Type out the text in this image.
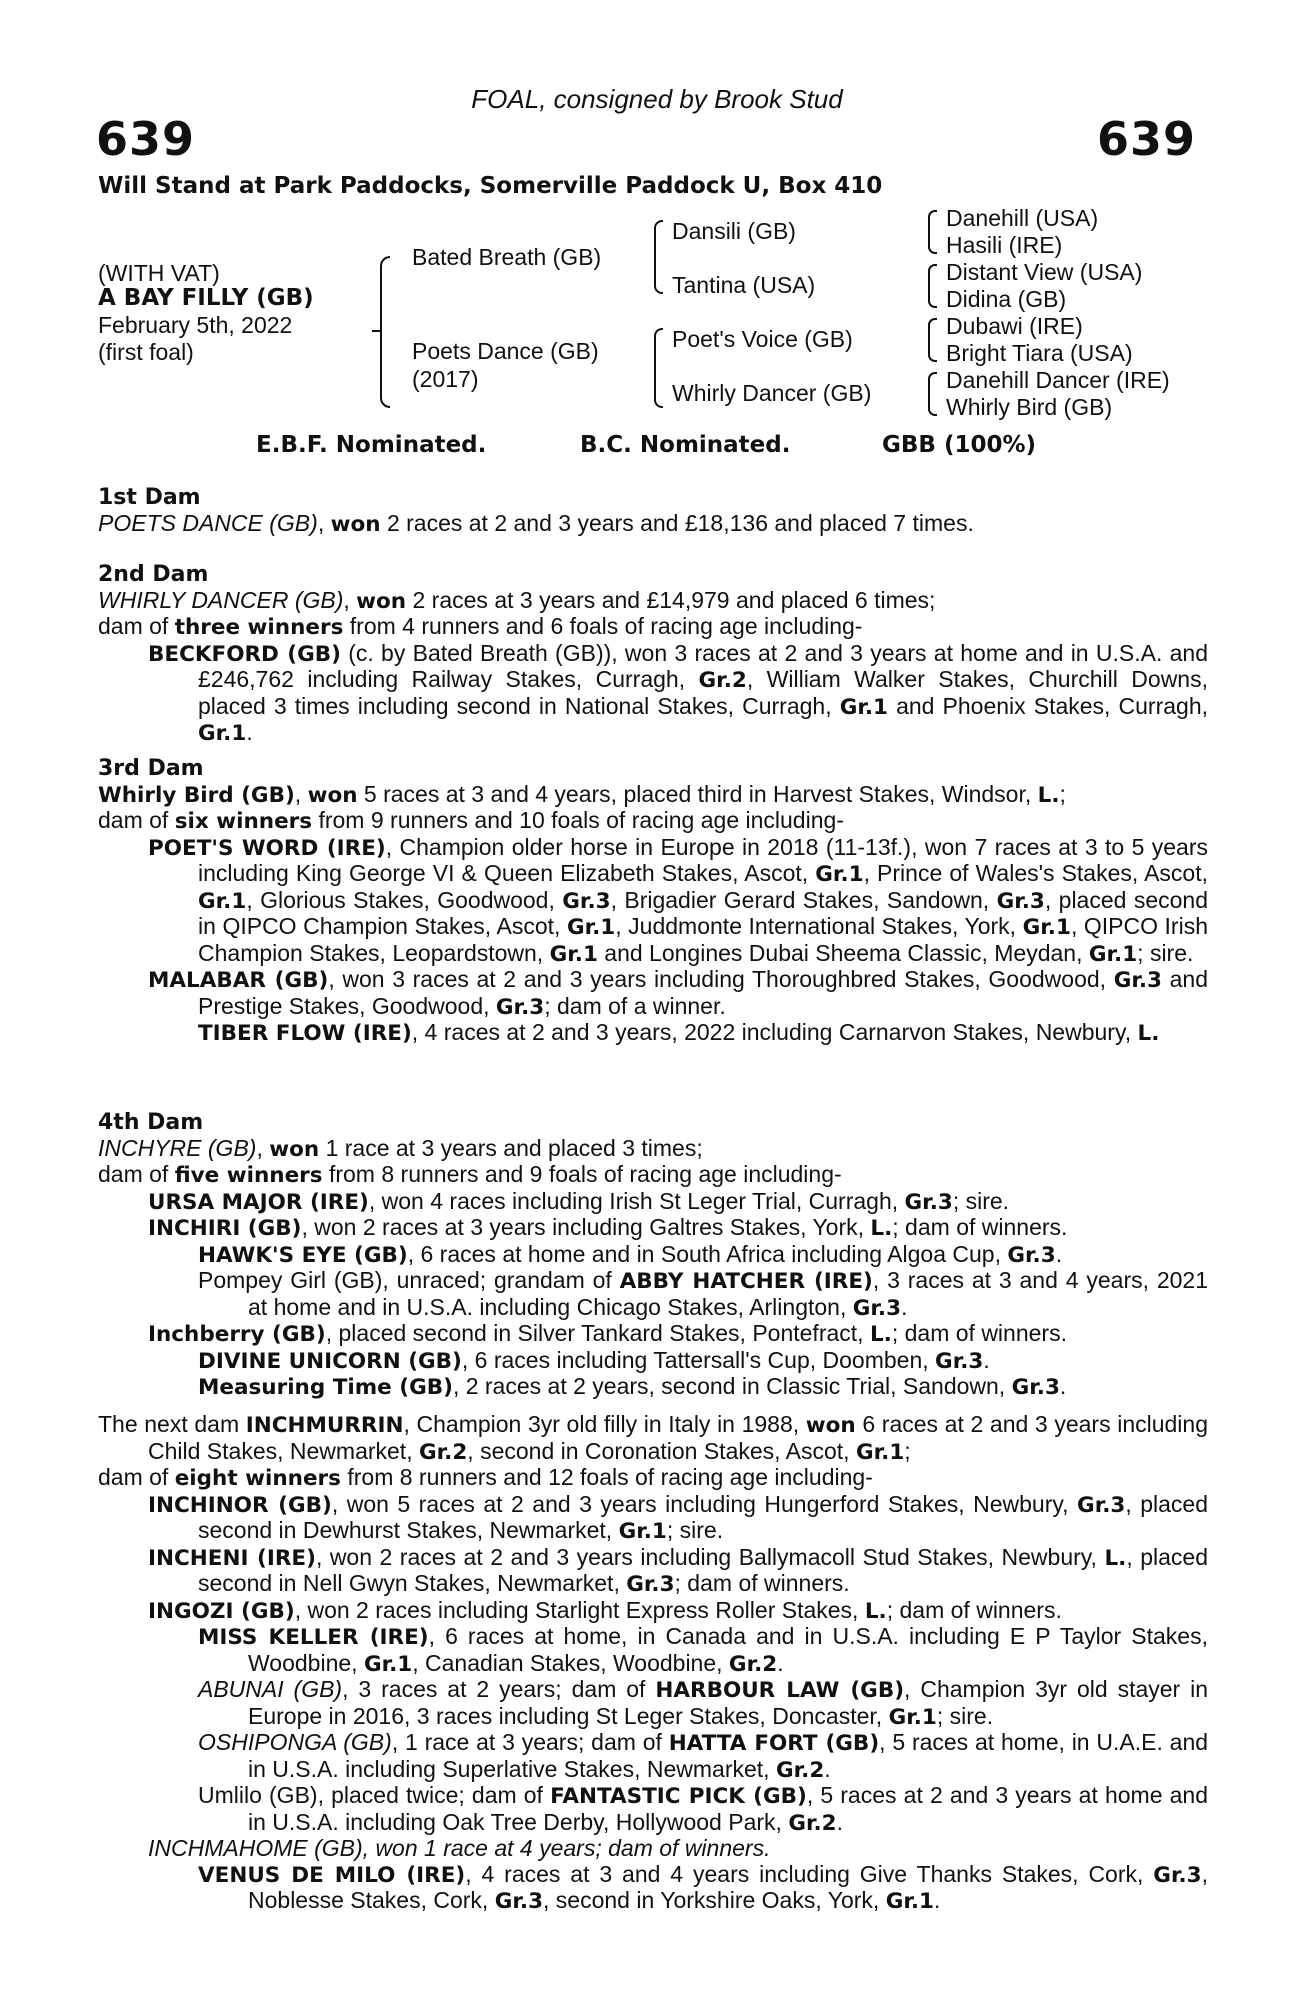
FOAL, consigned by Brook Stud
639	639
Will Stand at Park Paddocks, Somerville Paddock U, Box 410
(WITH VAT)
A BAY FILLY (GB)
February 5th, 2022
(first foal)
Bated Breath (GB)
Poets Dance (GB)
(2017)
Dansili (GB)
Tantina (USA)
Poet's Voice (GB)
Whirly Dancer (GB)
Danehill (USA)
Hasili (IRE)
Distant View (USA)
Didina (GB)
Dubawi (IRE)
Bright Tiara (USA)
Danehill Dancer (IRE)
Whirly Bird (GB)
E.B.F. Nominated.	B.C. Nominated.	GBB (100%)
1st Dam
POETS DANCE (GB), won 2 races at 2 and 3 years and £18,136 and placed 7 times.
2nd Dam
WHIRLY DANCER (GB), won 2 races at 3 years and £14,979 and placed 6 times;
dam of three winners from 4 runners and 6 foals of racing age including-
BECKFORD (GB) (c. by Bated Breath (GB)), won 3 races at 2 and 3 years at home and in U.S.A. and £246,762 including Railway Stakes, Curragh, Gr.2, William Walker Stakes, Churchill Downs, placed 3 times including second in National Stakes, Curragh, Gr.1 and Phoenix Stakes, Curragh, Gr.1.
3rd Dam
Whirly Bird (GB), won 5 races at 3 and 4 years, placed third in Harvest Stakes, Windsor, L.;
dam of six winners from 9 runners and 10 foals of racing age including-
POET'S WORD (IRE), Champion older horse in Europe in 2018 (11-13f.), won 7 races at 3 to 5 years including King George VI & Queen Elizabeth Stakes, Ascot, Gr.1, Prince of Wales's Stakes, Ascot, Gr.1, Glorious Stakes, Goodwood, Gr.3, Brigadier Gerard Stakes, Sandown, Gr.3, placed second in QIPCO Champion Stakes, Ascot, Gr.1, Juddmonte International Stakes, York, Gr.1, QIPCO Irish Champion Stakes, Leopardstown, Gr.1 and Longines Dubai Sheema Classic, Meydan, Gr.1; sire.
MALABAR (GB), won 3 races at 2 and 3 years including Thoroughbred Stakes, Goodwood, Gr.3 and Prestige Stakes, Goodwood, Gr.3; dam of a winner.
TIBER FLOW (IRE), 4 races at 2 and 3 years, 2022 including Carnarvon Stakes, Newbury, L.
4th Dam
INCHYRE (GB), won 1 race at 3 years and placed 3 times;
dam of five winners from 8 runners and 9 foals of racing age including-
URSA MAJOR (IRE), won 4 races including Irish St Leger Trial, Curragh, Gr.3; sire.
INCHIRI (GB), won 2 races at 3 years including Galtres Stakes, York, L.; dam of winners.
HAWK'S EYE (GB), 6 races at home and in South Africa including Algoa Cup, Gr.3.
Pompey Girl (GB), unraced; grandam of ABBY HATCHER (IRE), 3 races at 3 and 4 years, 2021 at home and in U.S.A. including Chicago Stakes, Arlington, Gr.3.
Inchberry (GB), placed second in Silver Tankard Stakes, Pontefract, L.; dam of winners.
DIVINE UNICORN (GB), 6 races including Tattersall's Cup, Doomben, Gr.3.
Measuring Time (GB), 2 races at 2 years, second in Classic Trial, Sandown, Gr.3.
The next dam INCHMURRIN, Champion 3yr old filly in Italy in 1988, won 6 races at 2 and 3 years including Child Stakes, Newmarket, Gr.2, second in Coronation Stakes, Ascot, Gr.1;
dam of eight winners from 8 runners and 12 foals of racing age including-
INCHINOR (GB), won 5 races at 2 and 3 years including Hungerford Stakes, Newbury, Gr.3, placed second in Dewhurst Stakes, Newmarket, Gr.1; sire.
INCHENI (IRE), won 2 races at 2 and 3 years including Ballymacoll Stud Stakes, Newbury, L., placed second in Nell Gwyn Stakes, Newmarket, Gr.3; dam of winners.
INGOZI (GB), won 2 races including Starlight Express Roller Stakes, L.; dam of winners.
MISS KELLER (IRE), 6 races at home, in Canada and in U.S.A. including E P Taylor Stakes, Woodbine, Gr.1, Canadian Stakes, Woodbine, Gr.2.
ABUNAI (GB), 3 races at 2 years; dam of HARBOUR LAW (GB), Champion 3yr old stayer in Europe in 2016, 3 races including St Leger Stakes, Doncaster, Gr.1; sire.
OSHIPONGA (GB), 1 race at 3 years; dam of HATTA FORT (GB), 5 races at home, in U.A.E. and in U.S.A. including Superlative Stakes, Newmarket, Gr.2.
Umlilo (GB), placed twice; dam of FANTASTIC PICK (GB), 5 races at 2 and 3 years at home and in U.S.A. including Oak Tree Derby, Hollywood Park, Gr.2.
INCHMAHOME (GB), won 1 race at 4 years; dam of winners.
VENUS DE MILO (IRE), 4 races at 3 and 4 years including Give Thanks Stakes, Cork, Gr.3, Noblesse Stakes, Cork, Gr.3, second in Yorkshire Oaks, York, Gr.1.
